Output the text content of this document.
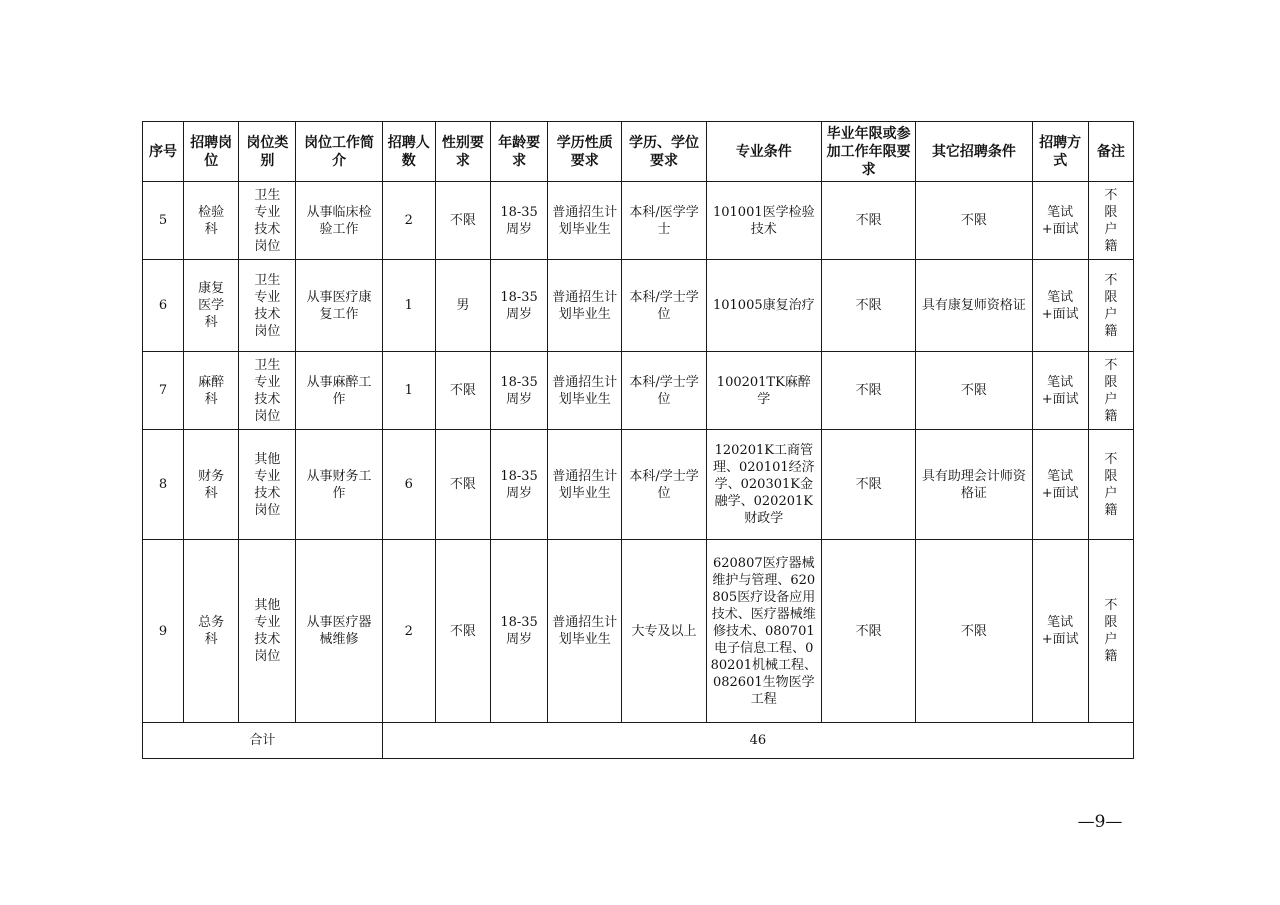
序号	招聘岗位	岗位类别	岗位工作简介	招聘人数	性别要求	年龄要求	学历性质要求	学历、学位要求	专业条件	毕业年限或参加工作年限要求	其它招聘条件	招聘方式	备注
5	检验科	卫生专业技术岗位	从事临床检验工作	2	不限	18-35周岁	普通招生计划毕业生	本科/医学学士	101001医学检验技术	不限	不限	笔试+面试	不限户籍
6	康复医学科	卫生专业技术岗位	从事医疗康复工作	1	男	18-35周岁	普通招生计划毕业生	本科/学士学位	101005康复治疗	不限	具有康复师资格证	笔试+面试	不限户籍
7	麻醉科	卫生专业技术岗位	从事麻醉工作	1	不限	18-35周岁	普通招生计划毕业生	本科/学士学位	100201TK麻醉学	不限	不限	笔试+面试	不限户籍
8	财务科	其他专业技术岗位	从事财务工作	6	不限	18-35周岁	普通招生计划毕业生	本科/学士学位	120201K工商管理、020101经济学、020301K金融学、020201K财政学	不限	具有助理会计师资格证	笔试+面试	不限户籍
9	总务科	其他专业技术岗位	从事医疗器械维修	2	不限	18-35周岁	普通招生计划毕业生	大专及以上	620807医疗器械维护与管理、620805医疗设备应用技术、医疗器械维修技术、080701电子信息工程、080201机械工程、082601生物医学工程	不限	不限	笔试+面试	不限户籍
合计				46									
—9—
